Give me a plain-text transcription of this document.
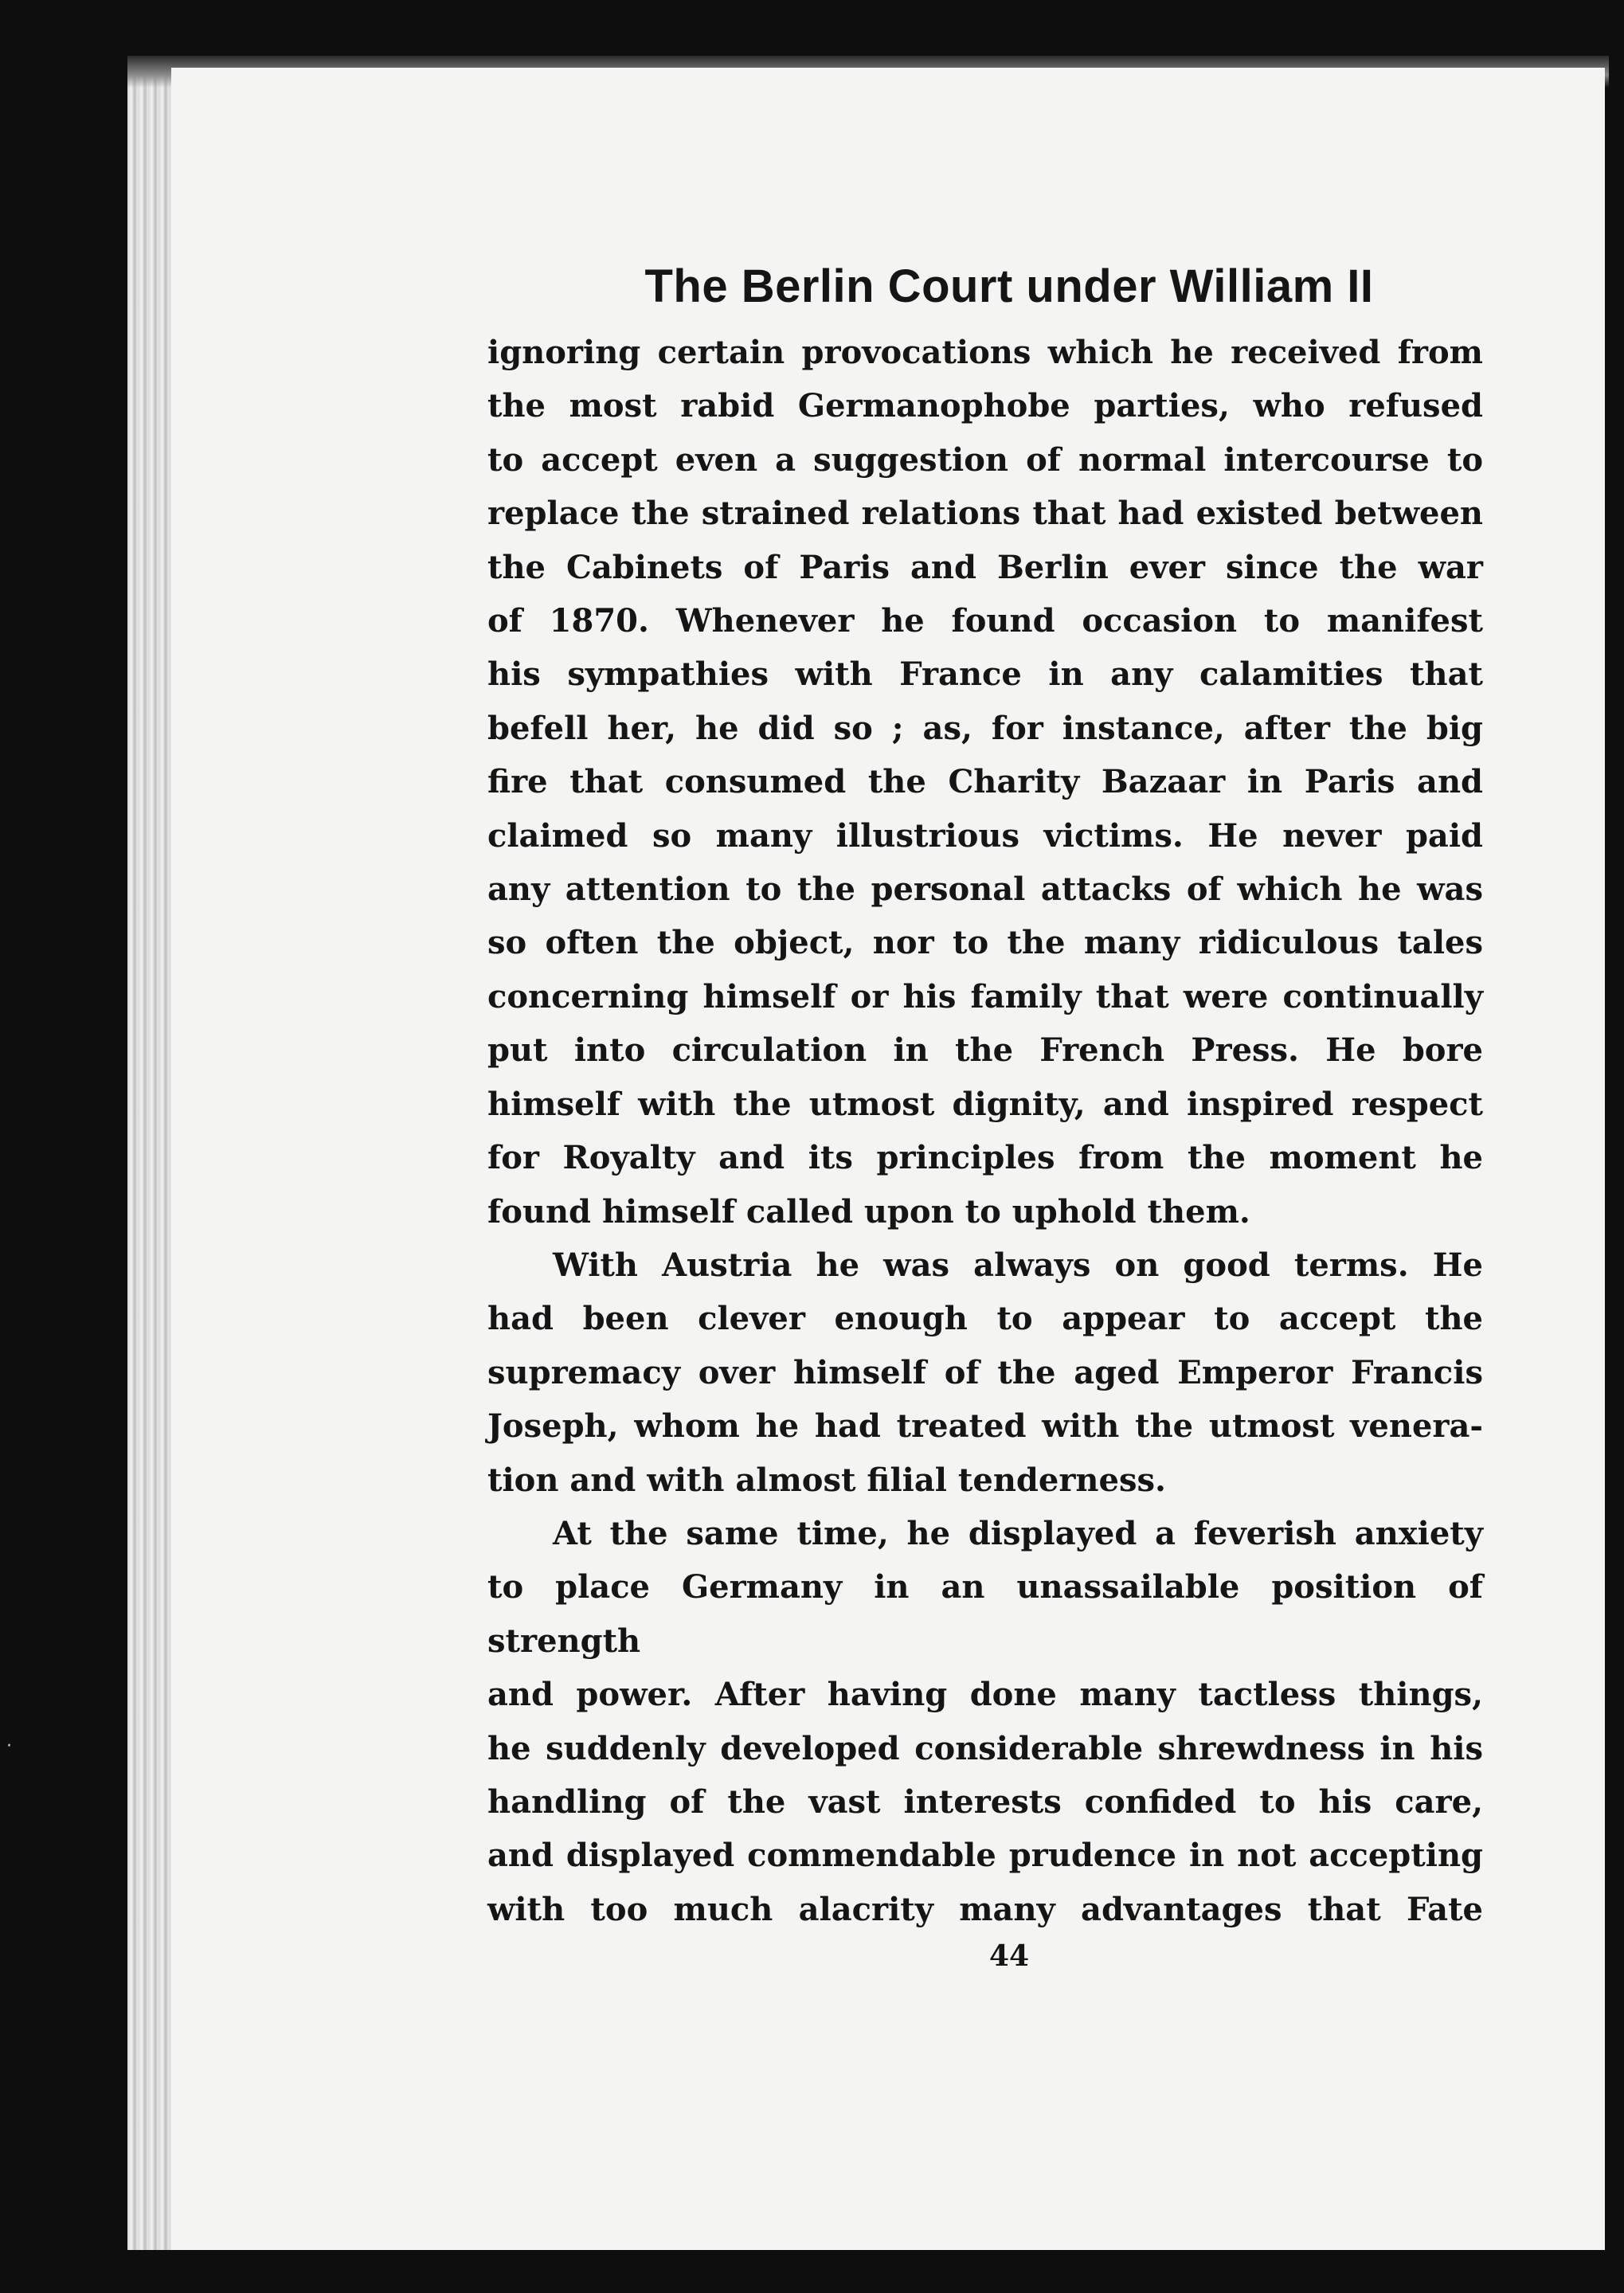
The Berlin Court under William II

ignoring certain provocations which he received from

the most rabid Germanophobe parties, who refused

to accept even a suggestion of normal intercourse to

replace the strained relations that had existed between

the Cabinets of Paris and Berlin ever since the war

of 1870. Whenever he found occasion to manifest

his sympathies with France in any calamities that

befell her, he did so ; as, for instance, after the big

fire that consumed the Charity Bazaar in Paris and

claimed so many illustrious victims. He never paid

any attention to the personal attacks of which he was

so often the object, nor to the many ridiculous tales

concerning himself or his family that were continually

put into circulation in the French Press. He bore

himself with the utmost dignity, and inspired respect

for Royalty and its principles from the moment he

found himself called upon to uphold them.

With Austria he was always on good terms. He

had been clever enough to appear to accept the

supremacy over himself of the aged Emperor Francis

Joseph, whom he had treated with the utmost venera-

tion and with almost filial tenderness.

At the same time, he displayed a feverish anxiety

to place Germany in an unassailable position of strength

and power. After having done many tactless things,

he suddenly developed considerable shrewdness in his

handling of the vast interests confided to his care,

and displayed commendable prudence in not accepting

with too much alacrity many advantages that Fate

44
·
